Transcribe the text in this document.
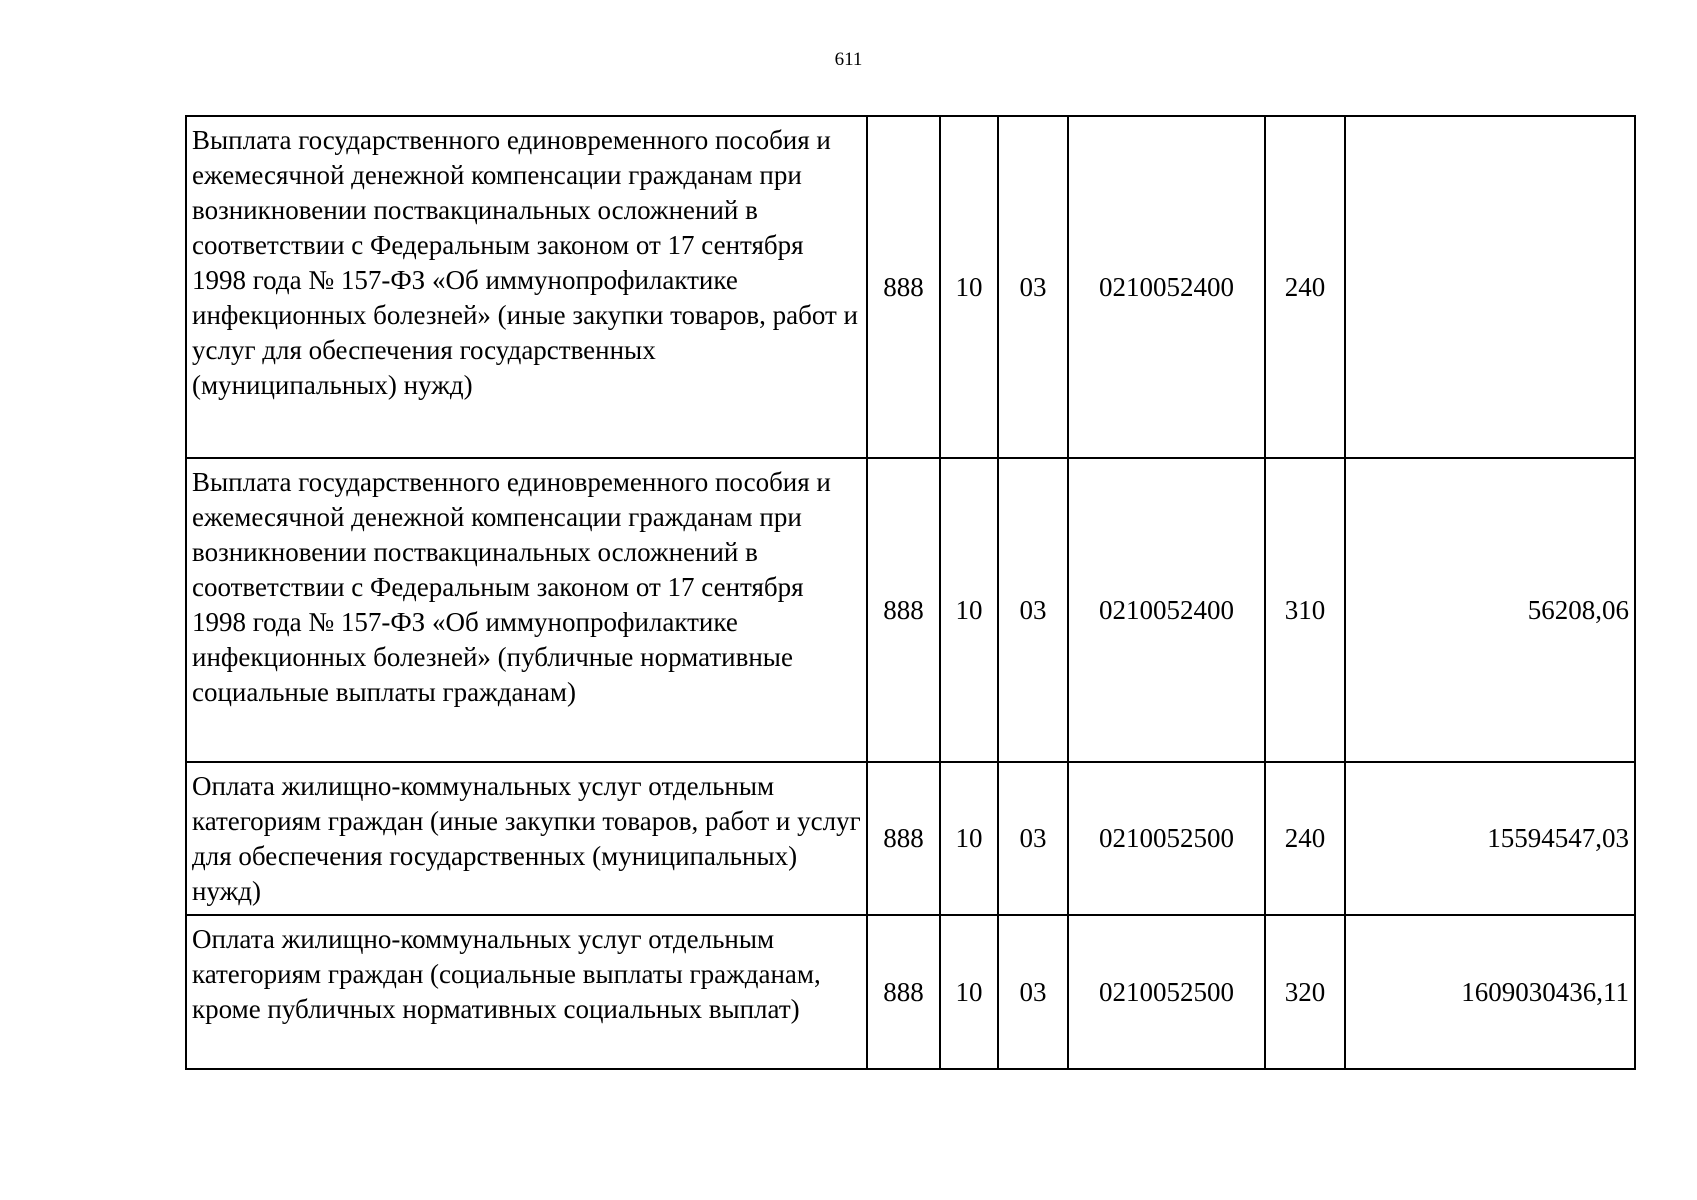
611
Выплата государственного единовременного пособия и ежемесячной денежной компенсации гражданам при возникновении поствакцинальных осложнений в соответствии с Федеральным законом от 17 сентября 1998 года № 157-ФЗ «Об иммунопрофилактике инфекционных болезней» (иные закупки товаров, работ и услуг для обеспечения государственных (муниципальных) нужд)	888	10	03	0210052400	240	
Выплата государственного единовременного пособия и ежемесячной денежной компенсации гражданам при возникновении поствакцинальных осложнений в соответствии с Федеральным законом от 17 сентября 1998 года № 157-ФЗ «Об иммунопрофилактике инфекционных болезней» (публичные нормативные социальные выплаты гражданам)	888	10	03	0210052400	310	56208,06
Оплата жилищно-коммунальных услуг отдельным категориям граждан (иные закупки товаров, работ и услуг для обеспечения государственных (муниципальных) нужд)	888	10	03	0210052500	240	15594547,03
Оплата жилищно-коммунальных услуг отдельным категориям граждан (социальные выплаты гражданам, кроме публичных нормативных социальных выплат)	888	10	03	0210052500	320	1609030436,11
